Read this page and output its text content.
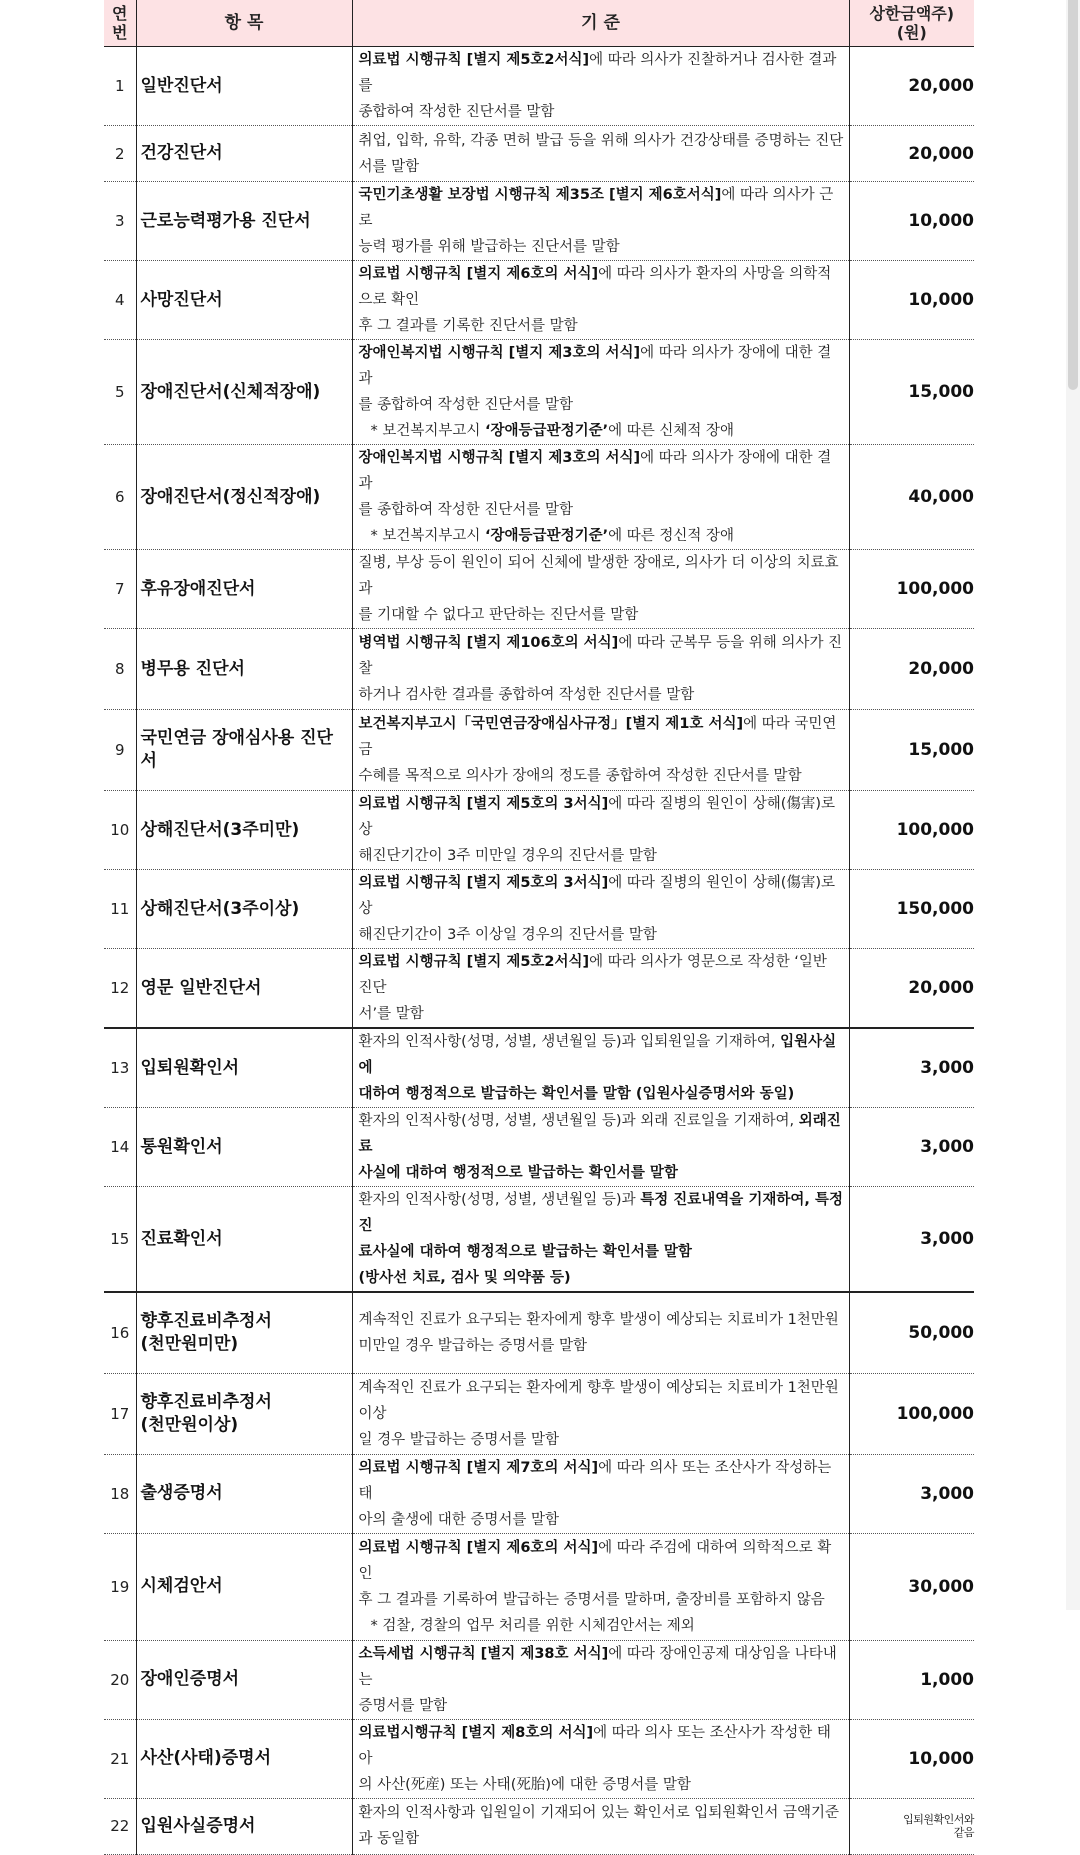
연
번	항 목	기 준	상한금액주)
(원)
1	일반진단서	의료법 시행규칙 [별지 제5호2서식]에 따라 의사가 진찰하거나 검사한 결과를
종합하여 작성한 진단서를 말함	20,000
2	건강진단서	취업, 입학, 유학, 각종 면허 발급 등을 위해 의사가 건강상태를 증명하는 진단
서를 말함	20,000
3	근로능력평가용 진단서	국민기초생활 보장법 시행규칙 제35조 [별지 제6호서식]에 따라 의사가 근로
능력 평가를 위해 발급하는 진단서를 말함	10,000
4	사망진단서	의료법 시행규칙 [별지 제6호의 서식]에 따라 의사가 환자의 사망을 의학적으로 확인
후 그 결과를 기록한 진단서를 말함	10,000
5	장애진단서(신체적장애)	장애인복지법 시행규칙 [별지 제3호의 서식]에 따라 의사가 장애에 대한 결과
를 종합하여 작성한 진단서를 말함
* 보건복지부고시 ‘장애등급판정기준’에 따른 신체적 장애	15,000
6	장애진단서(정신적장애)	장애인복지법 시행규칙 [별지 제3호의 서식]에 따라 의사가 장애에 대한 결과
를 종합하여 작성한 진단서를 말함
* 보건복지부고시 ‘장애등급판정기준’에 따른 정신적 장애	40,000
7	후유장애진단서	질병, 부상 등이 원인이 되어 신체에 발생한 장애로, 의사가 더 이상의 치료효과
를 기대할 수 없다고 판단하는 진단서를 말함	100,000
8	병무용 진단서	병역법 시행규칙 [별지 제106호의 서식]에 따라 군복무 등을 위해 의사가 진찰
하거나 검사한 결과를 종합하여 작성한 진단서를 말함	20,000
9	국민연금 장애심사용 진단서	보건복지부고시「국민연금장애심사규정」[별지 제1호 서식]에 따라 국민연금
수혜를 목적으로 의사가 장애의 정도를 종합하여 작성한 진단서를 말함	15,000
10	상해진단서(3주미만)	의료법 시행규칙 [별지 제5호의 3서식]에 따라 질병의 원인이 상해(傷害)로 상
해진단기간이 3주 미만일 경우의 진단서를 말함	100,000
11	상해진단서(3주이상)	의료법 시행규칙 [별지 제5호의 3서식]에 따라 질병의 원인이 상해(傷害)로 상
해진단기간이 3주 이상일 경우의 진단서를 말함	150,000
12	영문 일반진단서	의료법 시행규칙 [별지 제5호2서식]에 따라 의사가 영문으로 작성한 ‘일반 진단
서’를 말함	20,000
13	입퇴원확인서	환자의 인적사항(성명, 성별, 생년월일 등)과 입퇴원일을 기재하여, 입원사실에
대하여 행정적으로 발급하는 확인서를 말함 (입원사실증명서와 동일)	3,000
14	통원확인서	환자의 인적사항(성명, 성별, 생년월일 등)과 외래 진료일을 기재하여, 외래진료
사실에 대하여 행정적으로 발급하는 확인서를 말함	3,000
15	진료확인서	환자의 인적사항(성명, 성별, 생년월일 등)과 특정 진료내역을 기재하여, 특정 진
료사실에 대하여 행정적으로 발급하는 확인서를 말함
(방사선 치료, 검사 및 의약품 등)	3,000
16	향후진료비추정서
(천만원미만)	계속적인 진료가 요구되는 환자에게 향후 발생이 예상되는 치료비가 1천만원
미만일 경우 발급하는 증명서를 말함	50,000
17	향후진료비추정서
(천만원이상)	계속적인 진료가 요구되는 환자에게 향후 발생이 예상되는 치료비가 1천만원 이상
일 경우 발급하는 증명서를 말함	100,000
18	출생증명서	의료법 시행규칙 [별지 제7호의 서식]에 따라 의사 또는 조산사가 작성하는 태
아의 출생에 대한 증명서를 말함	3,000
19	시체검안서	의료법 시행규칙 [별지 제6호의 서식]에 따라 주검에 대하여 의학적으로 확인
후 그 결과를 기록하여 발급하는 증명서를 말하며, 출장비를 포함하지 않음
* 검찰, 경찰의 업무 처리를 위한 시체검안서는 제외	30,000
20	장애인증명서	소득세법 시행규칙 [별지 제38호 서식]에 따라 장애인공제 대상임을 나타내는
증명서를 말함	1,000
21	사산(사태)증명서	의료법시행규칙 [별지 제8호의 서식]에 따라 의사 또는 조산사가 작성한 태아
의 사산(死産) 또는 사태(死胎)에 대한 증명서를 말함	10,000
22	입원사실증명서	환자의 인적사항과 입원일이 기재되어 있는 확인서로 입퇴원확인서 금액기준
과 동일함	입퇴원확인서와
같음
